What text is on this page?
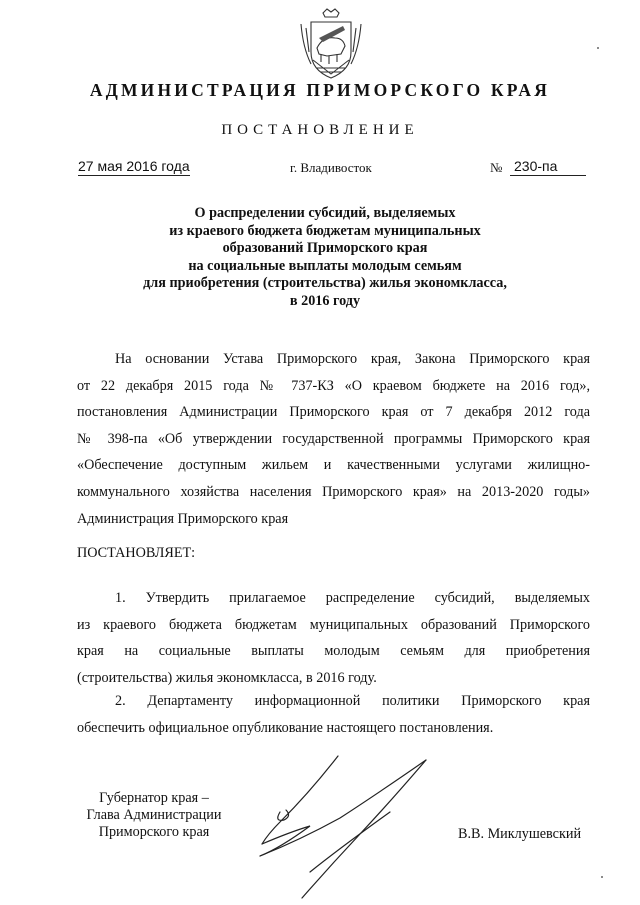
АДМИНИСТРАЦИЯ ПРИМОРСКОГО КРАЯ
ПОСТАНОВЛЕНИЕ
27 мая 2016 года	г. Владивосток	№ 230-па
О распределении субсидий, выделяемых
из краевого бюджета бюджетам муниципальных
образований Приморского края
на социальные выплаты молодым семьям
для приобретения (строительства) жилья экономкласса,
в 2016 году
На основании Устава Приморского края, Закона Приморского края
от 22 декабря 2015 года № 737-КЗ «О краевом бюджете на 2016 год»,
постановления Администрации Приморского края от 7 декабря 2012 года
№ 398-па «Об утверждении государственной программы Приморского края
«Обеспечение доступным жильем и качественными услугами жилищно-
коммунального хозяйства населения Приморского края» на 2013-2020 годы»
Администрация Приморского края
ПОСТАНОВЛЯЕТ:
1. Утвердить прилагаемое распределение субсидий, выделяемых
из краевого бюджета бюджетам муниципальных образований Приморского
края на социальные выплаты молодым семьям для приобретения
(строительства) жилья экономкласса, в 2016 году.
2. Департаменту информационной политики Приморского края
обеспечить официальное опубликование настоящего постановления.
Губернатор края –
Глава Администрации
Приморского края	В.В. Миклушевский
